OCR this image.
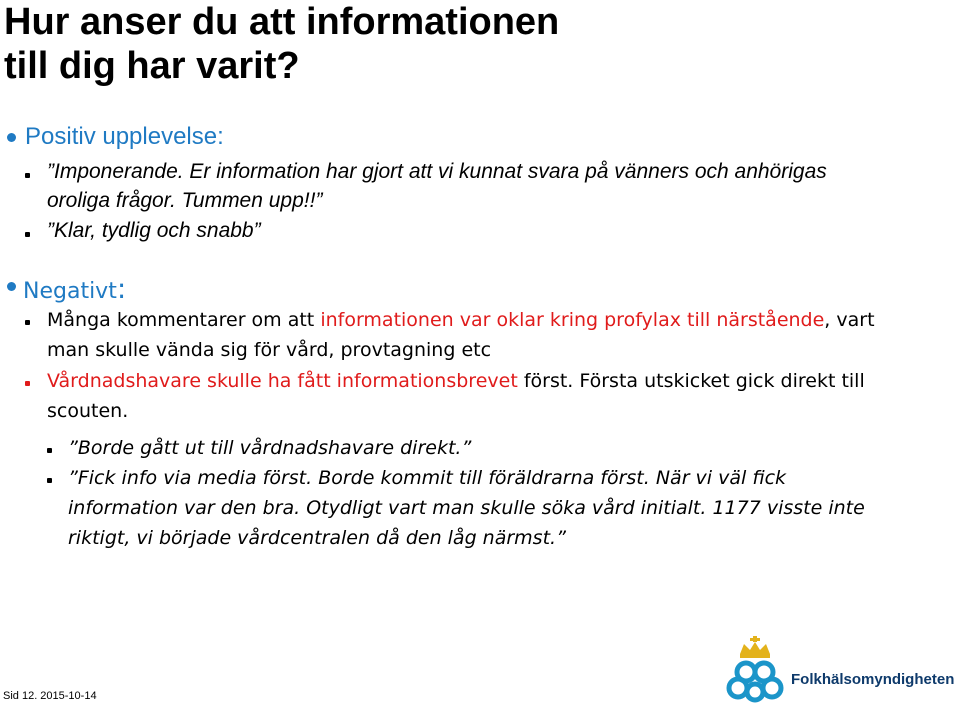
Hur anser du att informationen
till dig har varit?
Positiv upplevelse:
”Imponerande. Er information har gjort att vi kunnat svara på vänners och anhörigas
oroliga frågor. Tummen upp!!”
”Klar, tydlig och snabb”
Negativt:
Många kommentarer om att informationen var oklar kring profylax till närstående, vart
man skulle vända sig för vård, provtagning etc
Vårdnadshavare skulle ha fått informationsbrevet först. Första utskicket gick direkt till
scouten.
”Borde gått ut till vårdnadshavare direkt.”
”Fick info via media först. Borde kommit till föräldrarna först. När vi väl fick
information var den bra. Otydligt vart man skulle söka vård initialt. 1177 visste inte
riktigt, vi började vårdcentralen då den låg närmst.”
Sid 12. 2015-10-14
Folkhälsomyndigheten
